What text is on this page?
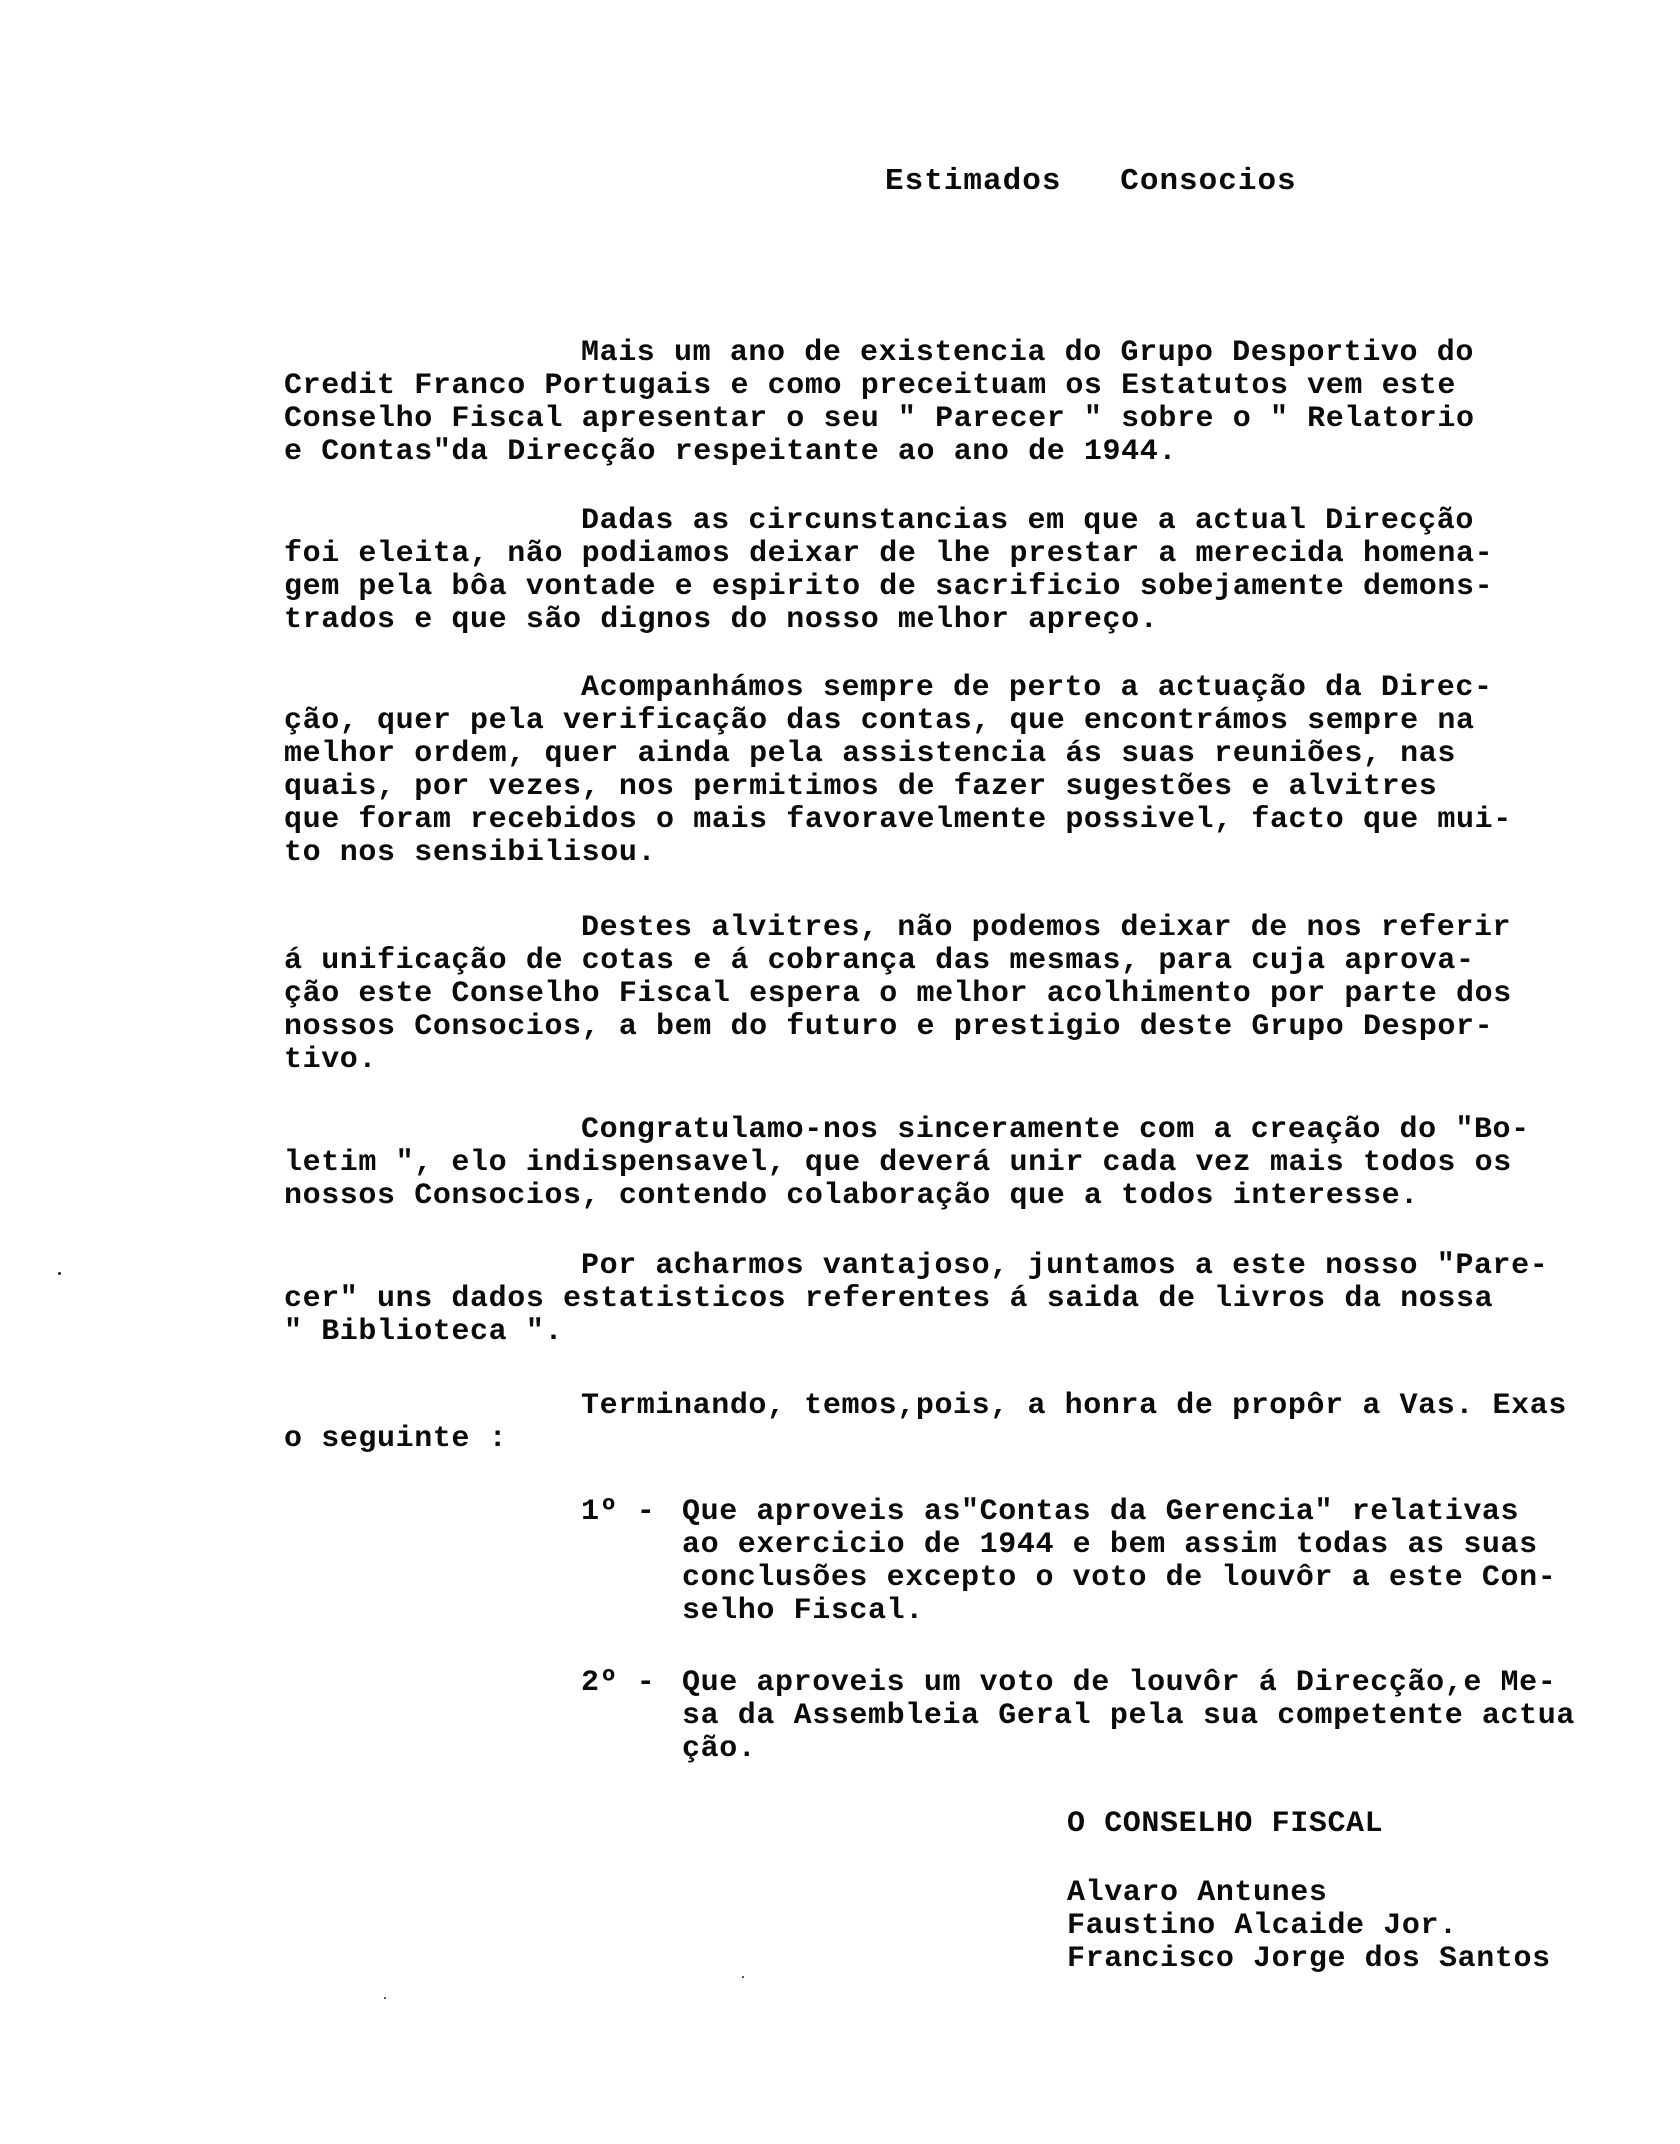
Estimados   Consocios
Mais um ano de existencia do Grupo Desportivo do
Credit Franco Portugais e como preceituam os Estatutos vem este
Conselho Fiscal apresentar o seu " Parecer " sobre o " Relatorio
e Contas"da Direcção respeitante ao ano de 1944.
Dadas as circunstancias em que a actual Direcção
foi eleita, não podiamos deixar de lhe prestar a merecida homena-
gem pela bôa vontade e espirito de sacrificio sobejamente demons-
trados e que são dignos do nosso melhor apreço.
Acompanhámos sempre de perto a actuação da Direc-
ção, quer pela verificação das contas, que encontrámos sempre na
melhor ordem, quer ainda pela assistencia ás suas reuniões, nas
quais, por vezes, nos permitimos de fazer sugestões e alvitres
que foram recebidos o mais favoravelmente possivel, facto que mui-
to nos sensibilisou.
Destes alvitres, não podemos deixar de nos referir
á unificação de cotas e á cobrança das mesmas, para cuja aprova-
ção este Conselho Fiscal espera o melhor acolhimento por parte dos
nossos Consocios, a bem do futuro e prestigio deste Grupo Despor-
tivo.
Congratulamo-nos sinceramente com a creação do "Bo-
letim ", elo indispensavel, que deverá unir cada vez mais todos os
nossos Consocios, contendo colaboração que a todos interesse.
Por acharmos vantajoso, juntamos a este nosso "Pare-
cer" uns dados estatisticos referentes á saida de livros da nossa
" Biblioteca ".
Terminando, temos,pois, a honra de propôr a Vas. Exas
o seguinte :
1º - Que aproveis as"Contas da Gerencia" relativas
ao exercicio de 1944 e bem assim todas as suas
conclusões excepto o voto de louvôr a este Con-
selho Fiscal.
2º - Que aproveis um voto de louvôr á Direcção,e Me-
sa da Assembleia Geral pela sua competente actua
ção.
O CONSELHO FISCAL
Alvaro Antunes
Faustino Alcaide Jor.
Francisco Jorge dos Santos
